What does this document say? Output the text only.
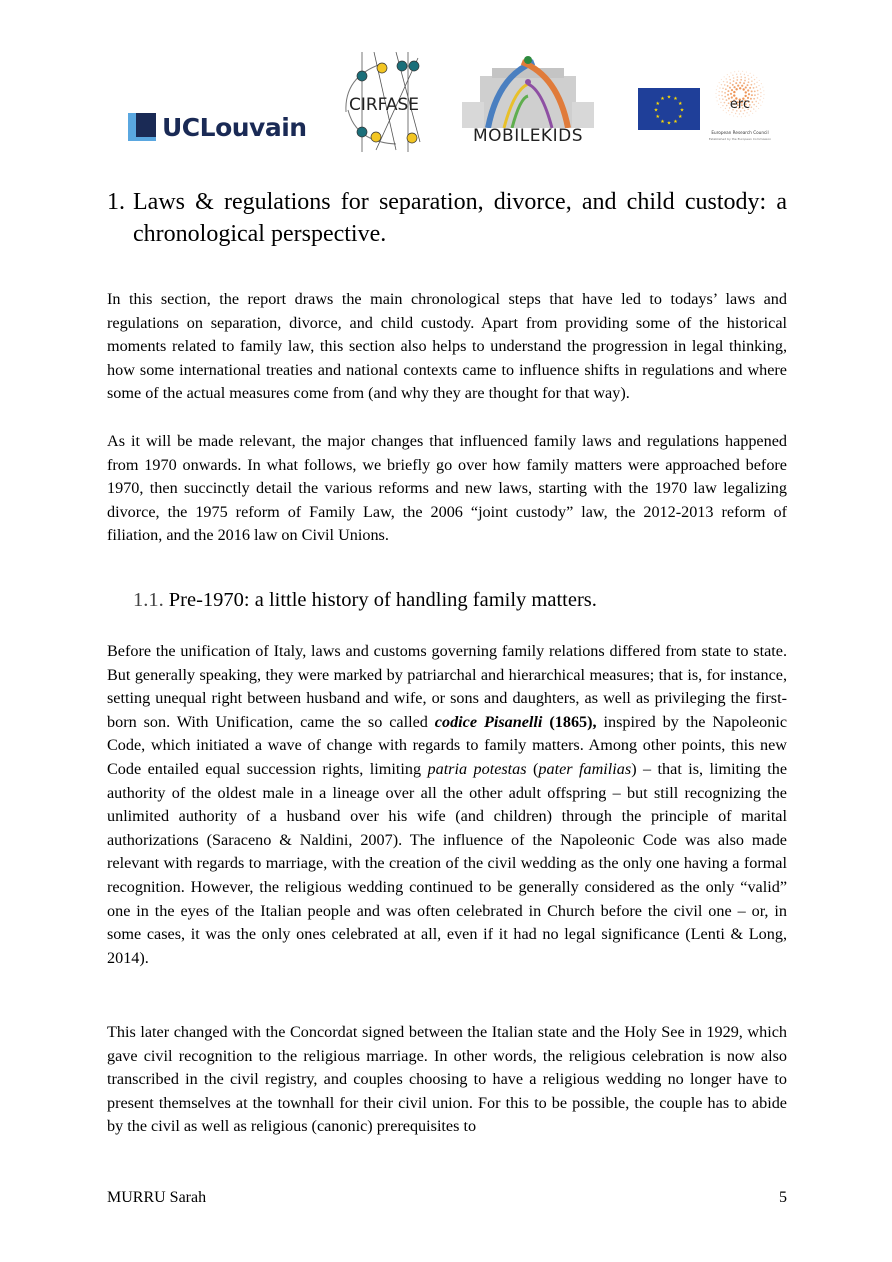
UCLouvain
CIRFASE
MOBILEKIDS
★
★
★
★
★
★
★
★
★ ★ ★
★	erc
European Research Council
Established by the European Commission
1. Laws & regulations for separation, divorce, and child custody: a chronological perspective.

In this section, the report draws the main chronological steps that have led to todays’ laws and regulations on separation, divorce, and child custody. Apart from providing some of the historical moments related to family law, this section also helps to understand the progression in legal thinking, how some international treaties and national contexts came to influence shifts in regulations and where some of the actual measures come from (and why they are thought for that way).

As it will be made relevant, the major changes that influenced family laws and regulations happened from 1970 onwards. In what follows, we briefly go over how family matters were approached before 1970, then succinctly detail the various reforms and new laws, starting with the 1970 law legalizing divorce, the 1975 reform of Family Law, the 2006 “joint custody” law, the 2012-2013 reform of filiation, and the 2016 law on Civil Unions.

1.1. Pre-1970: a little history of handling family matters.

Before the unification of Italy, laws and customs governing family relations differed from state to state. But generally speaking, they were marked by patriarchal and hierarchical measures; that is, for instance, setting unequal right between husband and wife, or sons and daughters, as well as privileging the first-born son. With Unification, came the so called codice Pisanelli (1865), inspired by the Napoleonic Code, which initiated a wave of change with regards to family matters. Among other points, this new Code entailed equal succession rights, limiting patria potestas (pater familias) – that is, limiting the authority of the oldest male in a lineage over all the other adult offspring – but still recognizing the unlimited authority of a husband over his wife (and children) through the principle of marital authorizations (Saraceno & Naldini, 2007). The influence of the Napoleonic Code was also made relevant with regards to marriage, with the creation of the civil wedding as the only one having a formal recognition. However, the religious wedding continued to be generally considered as the only “valid” one in the eyes of the Italian people and was often celebrated in Church before the civil one – or, in some cases, it was the only ones celebrated at all, even if it had no legal significance (Lenti & Long, 2014).

This later changed with the Concordat signed between the Italian state and the Holy See in 1929, which gave civil recognition to the religious marriage. In other words, the religious celebration is now also transcribed in the civil registry, and couples choosing to have a religious wedding no longer have to present themselves at the townhall for their civil union. For this to be possible, the couple has to abide by the civil as well as religious (canonic) prerequisites to

MURRU Sarah	5
